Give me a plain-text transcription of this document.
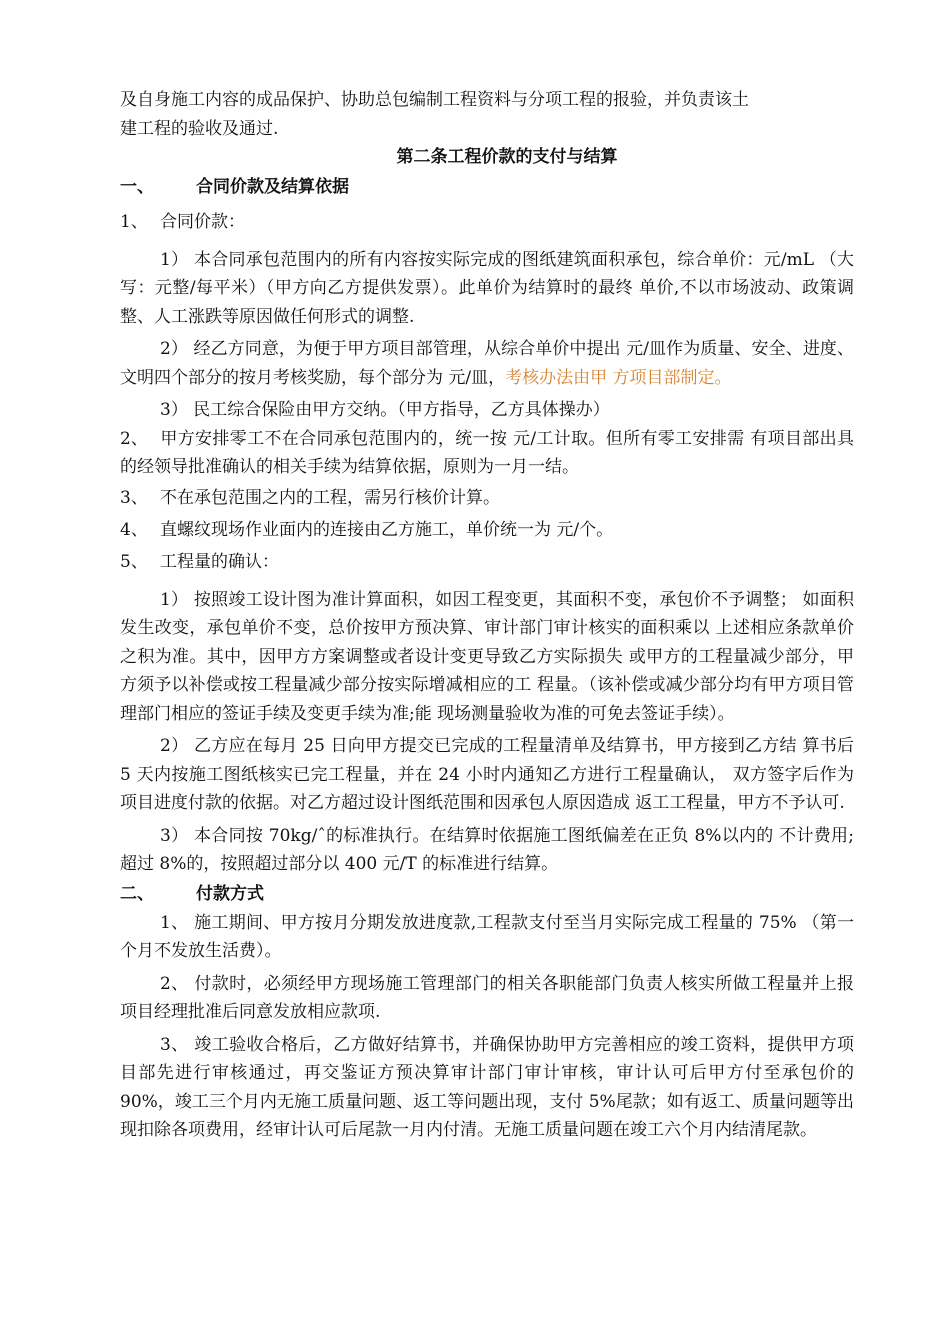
及自身施工内容的成品保护、协助总包编制工程资料与分项工程的报验，并负责该土
建工程的验收及通过.
第二条工程价款的支付与结算
一、 合同价款及结算依据
1、 合同价款：
1） 本合同承包范围内的所有内容按实际完成的图纸建筑面积承包，综合单价：元/mL （大写：元整/每平米）（甲方向乙方提供发票）。此单价为结算时的最终 单价,不以市场波动、政策调整、人工涨跌等原因做任何形式的调整.
2） 经乙方同意，为便于甲方项目部管理，从综合单价中提出 元/皿作为质量、安全、进度、文明四个部分的按月考核奖励，每个部分为 元/皿，考核办法由甲 方项目部制定。
3） 民工综合保险由甲方交纳。（甲方指导，乙方具体操办）
2、 甲方安排零工不在合同承包范围内的，统一按 元/工计取。但所有零工安排需 有项目部出具的经领导批准确认的相关手续为结算依据，原则为一月一结。
3、 不在承包范围之内的工程，需另行核价计算。
4、 直螺纹现场作业面内的连接由乙方施工，单价统一为 元/个。
5、 工程量的确认：
1） 按照竣工设计图为准计算面积，如因工程变更，其面积不变，承包价不予调整； 如面积发生改变，承包单价不变，总价按甲方预决算、审计部门审计核实的面积乘以 上述相应条款单价之积为准。其中，因甲方方案调整或者设计变更导致乙方实际损失 或甲方的工程量减少部分，甲方须予以补偿或按工程量减少部分按实际增减相应的工 程量。（该补偿或减少部分均有甲方项目管理部门相应的签证手续及变更手续为准;能 现场测量验收为准的可免去签证手续）。
2） 乙方应在每月 25 日向甲方提交已完成的工程量清单及结算书，甲方接到乙方结 算书后 5 天内按施工图纸核实已完工程量，并在 24 小时内通知乙方进行工程量确认， 双方签字后作为项目进度付款的依据。对乙方超过设计图纸范围和因承包人原因造成 返工工程量，甲方不予认可.
3） 本合同按 70kg/ˆ的标准执行。在结算时依据施工图纸偏差在正负 8%以内的 不计费用;超过 8%的，按照超过部分以 400 元/T 的标准进行结算。
二、 付款方式
1、 施工期间、甲方按月分期发放进度款,工程款支付至当月实际完成工程量的 75% （第一个月不发放生活费）。
2、 付款时，必须经甲方现场施工管理部门的相关各职能部门负责人核实所做工程量并上报项目经理批准后同意发放相应款项.
3、 竣工验收合格后，乙方做好结算书，并确保协助甲方完善相应的竣工资料，提供甲方项目部先进行审核通过，再交鉴证方预决算审计部门审计审核，审计认可后甲方付至承包价的 90%，竣工三个月内无施工质量问题、返工等问题出现，支付 5%尾款；如有返工、质量问题等出现扣除各项费用，经审计认可后尾款一月内付清。无施工质量问题在竣工六个月内结清尾款。
